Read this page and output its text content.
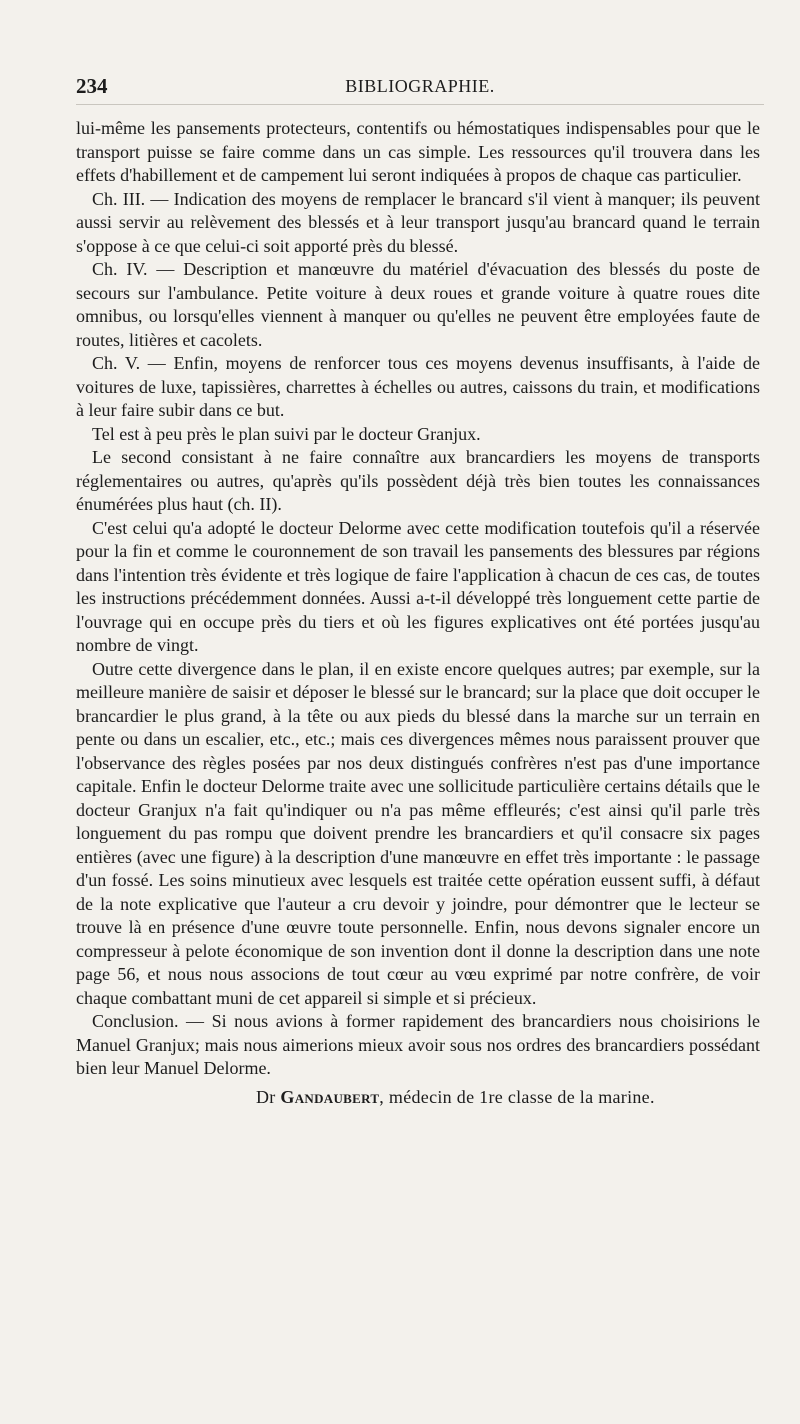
234	BIBLIOGRAPHIE.

lui-même les pansements protecteurs, contentifs ou hémostatiques indispensables pour que le transport puisse se faire comme dans un cas simple. Les ressources qu'il trouvera dans les effets d'habillement et de campement lui seront indiquées à propos de chaque cas particulier.

Ch. III. — Indication des moyens de remplacer le brancard s'il vient à manquer; ils peuvent aussi servir au relèvement des blessés et à leur transport jusqu'au brancard quand le terrain s'oppose à ce que celui-ci soit apporté près du blessé.

Ch. IV. — Description et manœuvre du matériel d'évacuation des blessés du poste de secours sur l'ambulance. Petite voiture à deux roues et grande voiture à quatre roues dite omnibus, ou lorsqu'elles viennent à manquer ou qu'elles ne peuvent être employées faute de routes, litières et cacolets.

Ch. V. — Enfin, moyens de renforcer tous ces moyens devenus insuffisants, à l'aide de voitures de luxe, tapissières, charrettes à échelles ou autres, caissons du train, et modifications à leur faire subir dans ce but.

Tel est à peu près le plan suivi par le docteur Granjux.

Le second consistant à ne faire connaître aux brancardiers les moyens de transports réglementaires ou autres, qu'après qu'ils possèdent déjà très bien toutes les connaissances énumérées plus haut (ch. II).

C'est celui qu'a adopté le docteur Delorme avec cette modification toutefois qu'il a réservée pour la fin et comme le couronnement de son travail les pansements des blessures par régions dans l'intention très évidente et très logique de faire l'application à chacun de ces cas, de toutes les instructions précédemment données. Aussi a-t-il développé très longuement cette partie de l'ouvrage qui en occupe près du tiers et où les figures explicatives ont été portées jusqu'au nombre de vingt.

Outre cette divergence dans le plan, il en existe encore quelques autres; par exemple, sur la meilleure manière de saisir et déposer le blessé sur le brancard; sur la place que doit occuper le brancardier le plus grand, à la tête ou aux pieds du blessé dans la marche sur un terrain en pente ou dans un escalier, etc., etc.; mais ces divergences mêmes nous paraissent prouver que l'observance des règles posées par nos deux distingués confrères n'est pas d'une importance capitale. Enfin le docteur Delorme traite avec une sollicitude particulière certains détails que le docteur Granjux n'a fait qu'indiquer ou n'a pas même effleurés; c'est ainsi qu'il parle très longuement du pas rompu que doivent prendre les brancardiers et qu'il consacre six pages entières (avec une figure) à la description d'une manœuvre en effet très importante : le passage d'un fossé. Les soins minutieux avec lesquels est traitée cette opération eussent suffi, à défaut de la note explicative que l'auteur a cru devoir y joindre, pour démontrer que le lecteur se trouve là en présence d'une œuvre toute personnelle. Enfin, nous devons signaler encore un compresseur à pelote économique de son invention dont il donne la description dans une note page 56, et nous nous associons de tout cœur au vœu exprimé par notre confrère, de voir chaque combattant muni de cet appareil si simple et si précieux.

Conclusion. — Si nous avions à former rapidement des brancardiers nous choisirions le Manuel Granjux; mais nous aimerions mieux avoir sous nos ordres des brancardiers possédant bien leur Manuel Delorme.

Dr Gandaubert, médecin de 1re classe de la marine.
